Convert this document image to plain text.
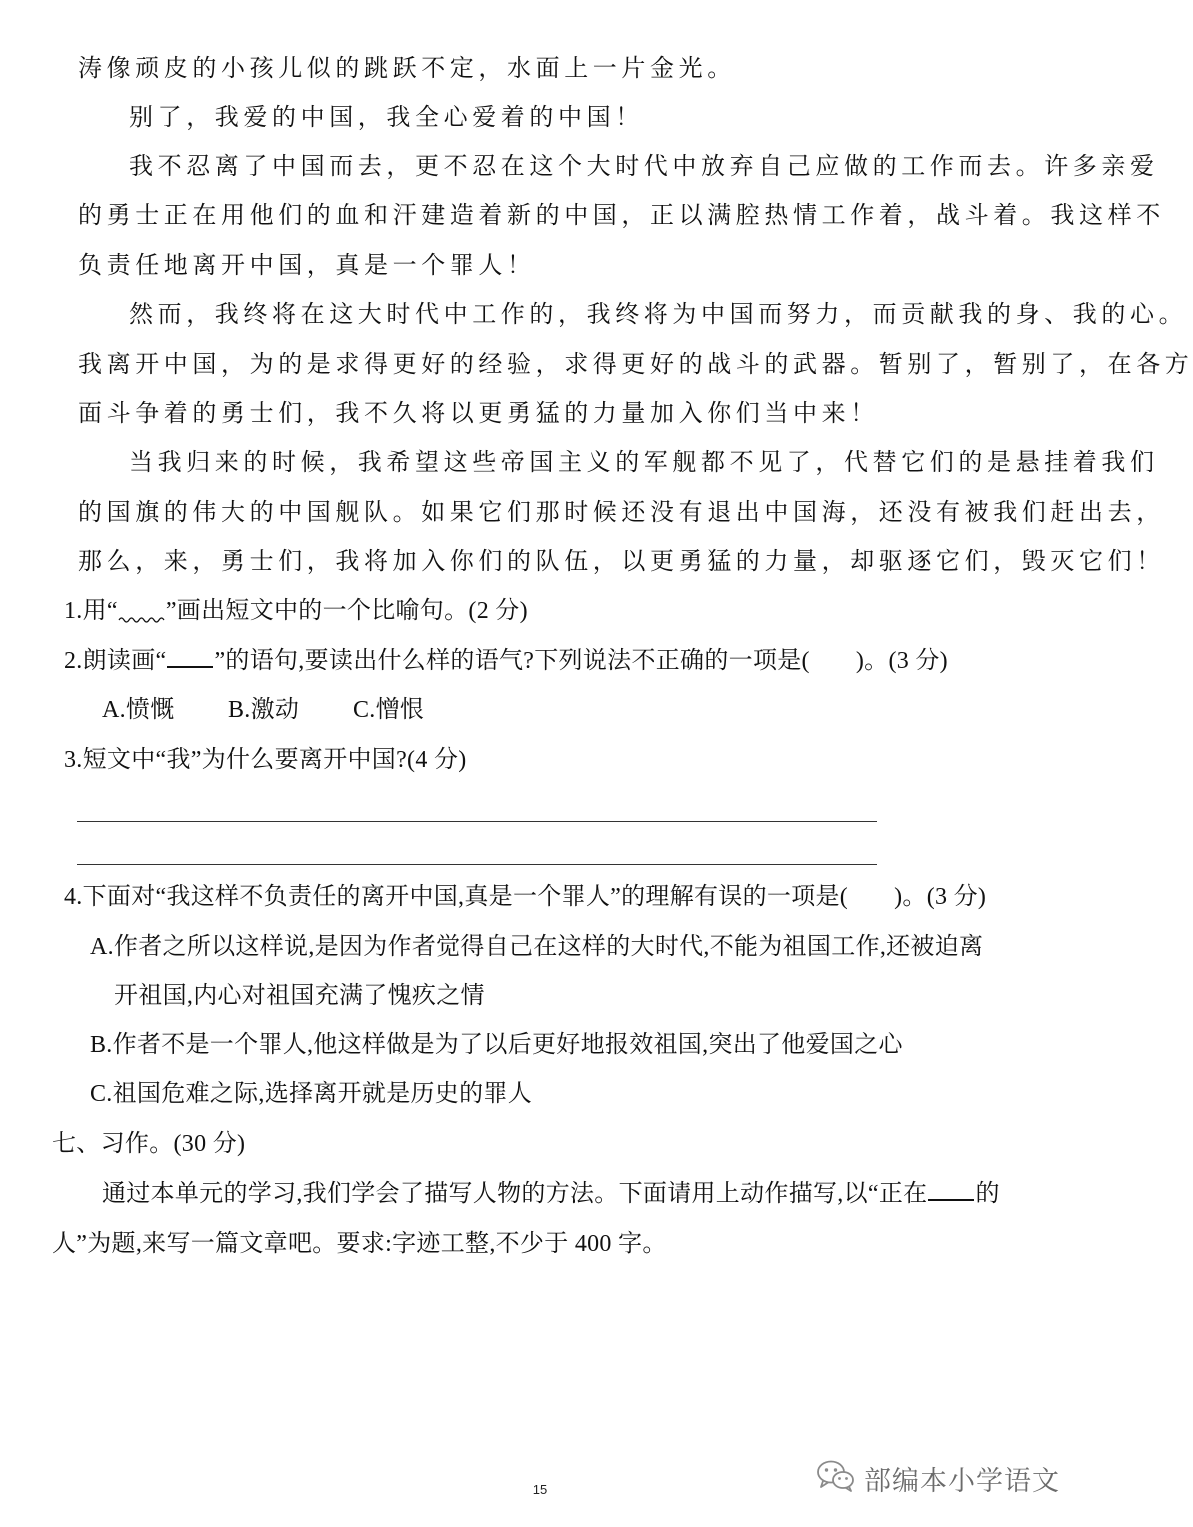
涛像顽皮的小孩儿似的跳跃不定，水面上一片金光。
别了，我爱的中国，我全心爱着的中国！
我不忍离了中国而去，更不忍在这个大时代中放弃自己应做的工作而去。许多亲爱
的勇士正在用他们的血和汗建造着新的中国，正以满腔热情工作着，战斗着。我这样不
负责任地离开中国，真是一个罪人！
然而，我终将在这大时代中工作的，我终将为中国而努力，而贡献我的身、我的心。
我离开中国，为的是求得更好的经验，求得更好的战斗的武器。暂别了，暂别了，在各方
面斗争着的勇士们，我不久将以更勇猛的力量加入你们当中来！
当我归来的时候，我希望这些帝国主义的军舰都不见了，代替它们的是悬挂着我们
的国旗的伟大的中国舰队。如果它们那时候还没有退出中国海，还没有被我们赶出去，
那么，来，勇士们，我将加入你们的队伍，以更勇猛的力量，却驱逐它们，毁灭它们！
1.用“ ”画出短文中的一个比喻句。(2 分)
2.朗读画“ ”的语句,要读出什么样的语气?下列说法不正确的一项是( )。(3 分)
A.愤慨 B.激动 C.憎恨
3.短文中“我”为什么要离开中国?(4 分)
4.下面对“我这样不负责任的离开中国,真是一个罪人”的理解有误的一项是( )。(3 分)
A.作者之所以这样说,是因为作者觉得自己在这样的大时代,不能为祖国工作,还被迫离
开祖国,内心对祖国充满了愧疚之情
B.作者不是一个罪人,他这样做是为了以后更好地报效祖国,突出了他爱国之心
C.祖国危难之际,选择离开就是历史的罪人
七、习作。(30 分)
通过本单元的学习,我们学会了描写人物的方法。下面请用上动作描写,以“正在 的
人”为题,来写一篇文章吧。要求:字迹工整,不少于 400 字。
15	部编本小学语文
